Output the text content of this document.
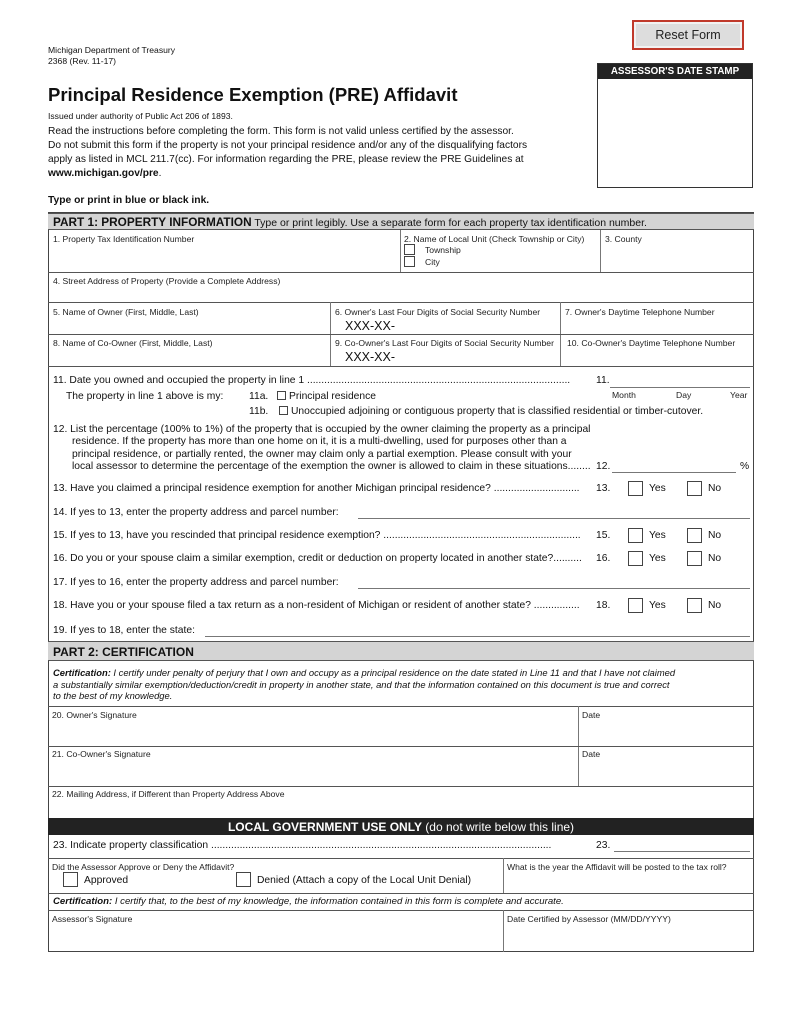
Michigan Department of Treasury
2368 (Rev. 11-17)
Reset Form
Principal Residence Exemption (PRE) Affidavit
Issued under authority of Public Act 206 of 1893.
Read the instructions before completing the form. This form is not valid unless certified by the assessor.
Do not submit this form if the property is not your principal residence and/or any of the disqualifying factors
apply as listed in MCL 211.7(cc). For information regarding the PRE, please review the PRE Guidelines at
www.michigan.gov/pre.
Type or print in blue or black ink.
ASSESSOR'S DATE STAMP
PART 1: PROPERTY INFORMATION Type or print legibly. Use a separate form for each property tax identification number.
1. Property Tax Identification Number	2. Name of Local Unit (Check Township or City)
Township
City
3. County
4. Street Address of Property (Provide a Complete Address)
5. Name of Owner (First, Middle, Last)	6. Owner's Last Four Digits of Social Security Number
XXX-XX-
7. Owner's Daytime Telephone Number
8. Name of Co-Owner (First, Middle, Last)	9. Co-Owner's Last Four Digits of Social Security Number
XXX-XX-
10. Co-Owner's Daytime Telephone Number
11. Date you owned and occupied the property in line 1 ............................................................................................	11.
Month	Day	Year
The property in line 1 above is my: 11a. Principal residence
11b. Unoccupied adjoining or contiguous property that is classified residential or timber-cutover.
12. List the percentage (100% to 1%) of the property that is occupied by the owner claiming the property as a principal
residence. If the property has more than one home on it, it is a multi-dwelling, used for purposes other than a
principal residence, or partially rented, the owner may claim only a partial exemption. Please consult with your
local assessor to determine the percentage of the exemption the owner is allowed to claim in these situations........ 12.	%
13. Have you claimed a principal residence exemption for another Michigan principal residence? ..............................	13.	Yes	No
14. If yes to 13, enter the property address and parcel number:
15. If yes to 13, have you rescinded that principal residence exemption? .....................................................................	15.	Yes	No
16. Do you or your spouse claim a similar exemption, credit or deduction on property located in another state?..........	16.	Yes	No
17. If yes to 16, enter the property address and parcel number:
18. Have you or your spouse filed a tax return as a non-resident of Michigan or resident of another state? ................	18.	Yes	No
19. If yes to 18, enter the state:
PART 2: CERTIFICATION
Certification: I certify under penalty of perjury that I own and occupy as a principal residence on the date stated in Line 11 and that I have not claimed
a substantially similar exemption/deduction/credit in property in another state, and that the information contained on this document is true and correct
to the best of my knowledge.
20. Owner's Signature	Date
21. Co-Owner's Signature	Date
22. Mailing Address, if Different than Property Address Above
LOCAL GOVERNMENT USE ONLY (do not write below this line)
23. Indicate property classification .......................................................................................................................	23.
Did the Assessor Approve or Deny the Affidavit?
Approved	Denied (Attach a copy of the Local Unit Denial)
What is the year the Affidavit will be posted to the tax roll?
Certification: I certify that, to the best of my knowledge, the information contained in this form is complete and accurate.
Assessor's Signature	Date Certified by Assessor (MM/DD/YYYY)
